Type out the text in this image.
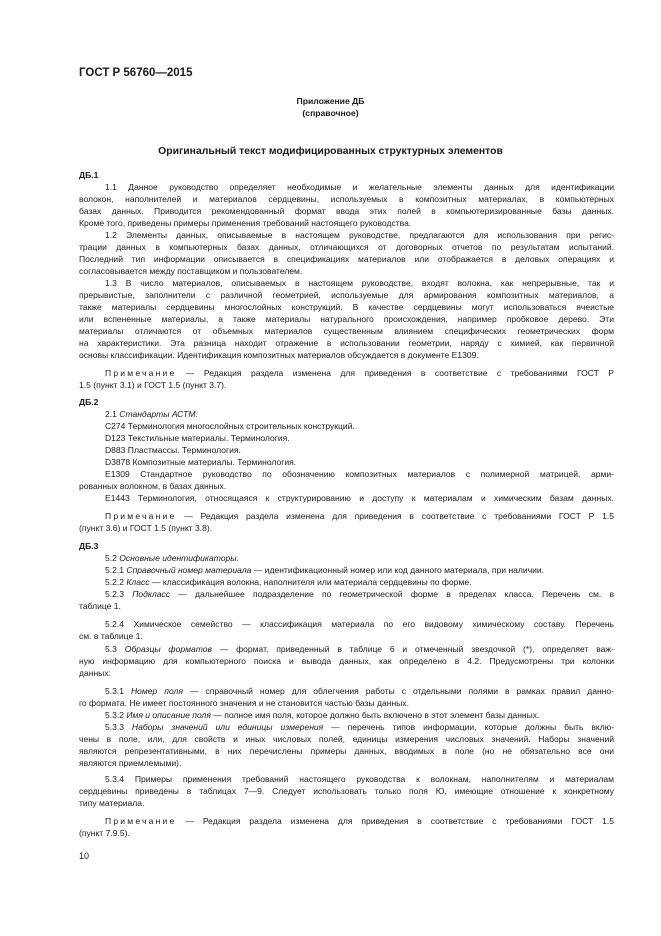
ГОСТ Р 56760—2015
Приложение ДБ
(справочное)
Оригинальный текст модифицированных структурных элементов
ДБ.1
1.1 Данное руководство определяет необходимые и желательные элементы данных для идентификации
волокон, наполнителей и материалов сердцевины, используемых в композитных материалах, в компьютерных
базах данных. Приводится рекомендованный формат ввода этих полей в компьютеризированные базы данных.
Кроме того, приведены примеры применения требований настоящего руководства.
1.2 Элементы данных, описываемые в настоящем руководстве, предлагаются для использования при регис-
трации данных в компьютерных базах данных, отличающихся от договорных отчетов по результатам испытаний.
Последний тип информации описывается в спецификациях материалов или отображается в деловых операциях и
согласовывается между поставщиком и пользователем.
1.3 В число материалов, описываемых в настоящем руководстве, входят волокна, как непрерывные, так и
прерывистые, заполнители с различной геометрией, используемые для армирования композитных материалов, а
также материалы сердцевины многослойных конструкций. В качестве сердцевины могут использоваться ячеистые
или вспененные материалы, а также материалы натурального происхождения, например пробковое дерево. Эти
материалы отличаются от объемных материалов существенным влиянием специфических геометрических форм
на характеристики. Эта разница находит отражение в использовании геометрии, наряду с химией, как первичной
основы классификации. Идентификация композитных материалов обсуждается в документе Е1309.
Примечание — Редакция раздела изменена для приведения в соответствие с требованиями ГОСТ Р
1.5 (пункт 3.1) и ГОСТ 1.5 (пункт 3.7).
ДБ.2
2.1 Стандарты АСТМ:
С274 Терминология многослойных строительных конструкций.
D123 Текстильные материалы. Терминология.
D883 Пластмассы. Терминология.
D3878 Композитные материалы. Терминология.
Е1309 Стандартное руководство по обозначению композитных материалов с полимерной матрицей, арми-
рованных волокном, в базах данных.
Е1443 Терминология, относящаяся к структурированию и доступу к материалам и химическим базам данных.
Примечание — Редакция раздела изменена для приведения в соответствие с требованиями ГОСТ Р 1.5
(пункт 3.6) и ГОСТ 1.5 (пункт 3.8).
ДБ.3
5.2 Основные идентификаторы.
5.2.1 Справочный номер материала — идентификационный номер или код данного материала, при наличии.
5.2.2 Класс — классификация волокна, наполнителя или материала сердцевины по форме.
5.2.3 Подкласс — дальнейшее подразделение по геометрической форме в пределах класса. Перечень см. в
таблице 1.
5.2.4 Химическое семейство — классификация материала по его видовому химическому составу. Перечень
см. в таблице 1.
5.3 Образцы форматов — формат, приведенный в таблице 6 и отмеченный звездочкой (*), определяет важ-
ную информацию для компьютерного поиска и вывода данных, как определено в 4.2. Предусмотрены три колонки
данных:
5.3.1 Номер поля — справочный номер для облегчения работы с отдельными полями в рамках правил данно-
го формата. Не имеет постоянного значения и не становится частью базы данных.
5.3.2 Имя и описание поля — полное имя поля, которое должно быть включено в этот элемент базы данных.
5.3.3 Наборы значений или единицы измерения — перечень типов информации, которые должны быть вклю-
чены в поле, или, для свойств и иных числовых полей, единицы измерения числовых значений. Наборы значений
являются репрезентативными, в них перечислены примеры данных, вводимых в поле (но не обязательно все они
являются приемлемыми).
5.3.4 Примеры применения требований настоящего руководства к волокнам, наполнителям и материалам
сердцевины приведены в таблицах 7—9. Следует использовать только поля Ю, имеющие отношение к конкретному
типу материала.
Примечание — Редакция раздела изменена для приведения в соответствие с требованиями ГОСТ 1.5
(пункт 7.9.5).
10
